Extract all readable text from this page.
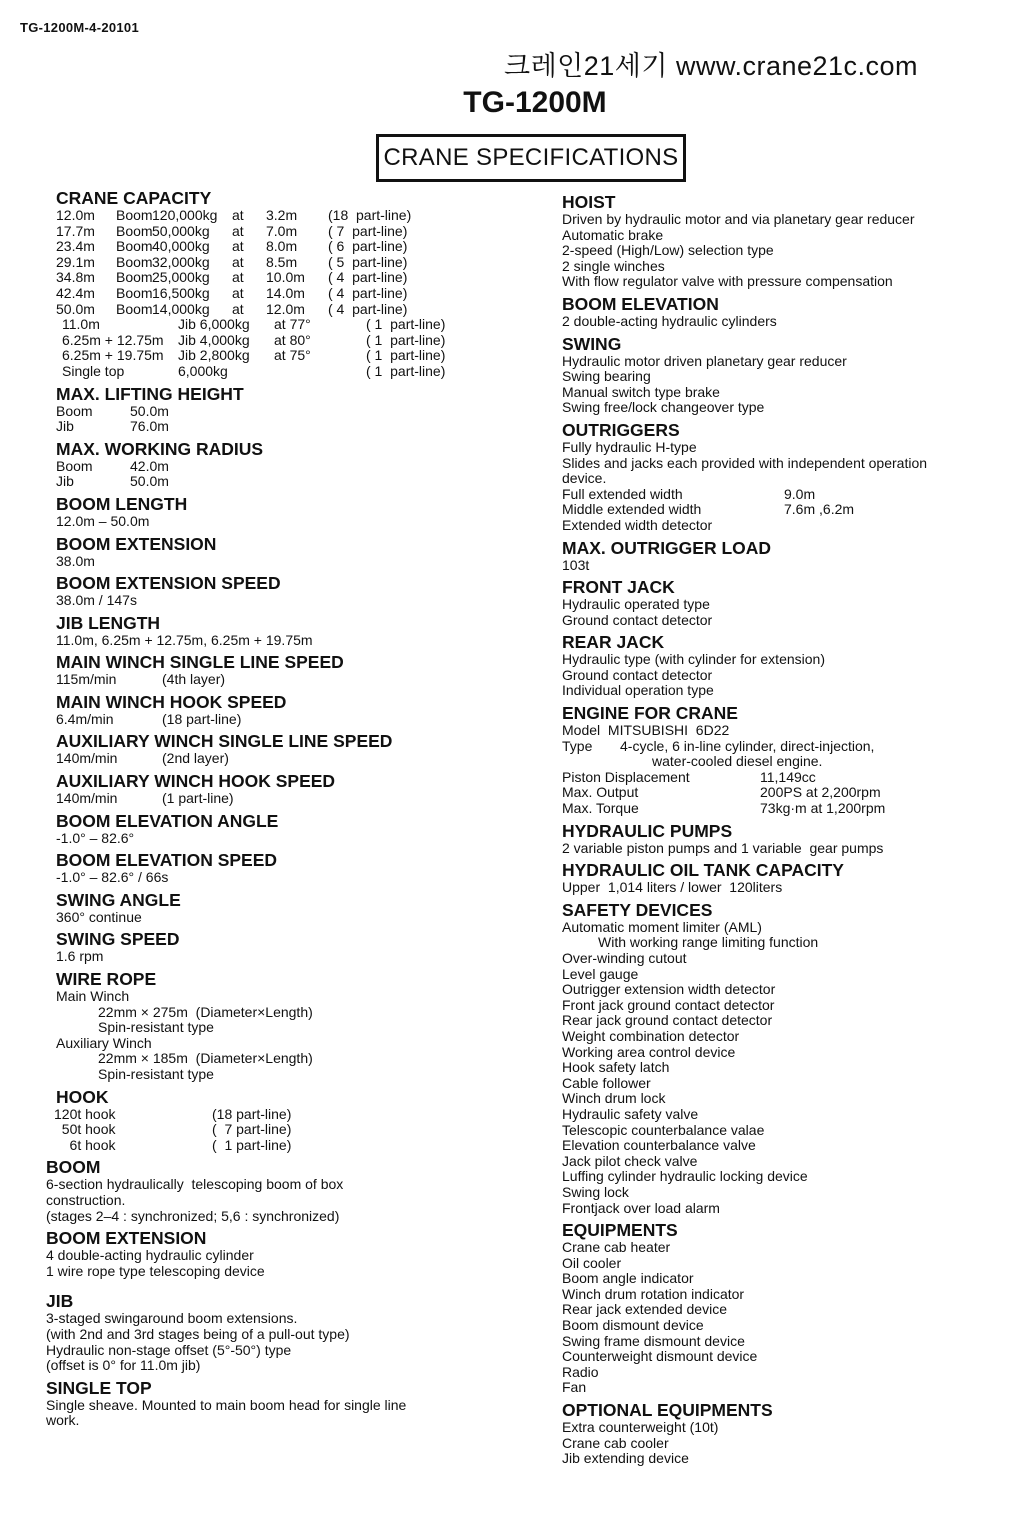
TG-1200M-4-20101
크레인21세기 www.crane21c.com
TG-1200M
CRANE SPECIFICATIONS
CRANE CAPACITY
12.0m	Boom 120,000kg	at	3.2m	(18  part-line)
17.7m	Boom 50,000kg	at	7.0m	( 7  part-line)
23.4m	Boom 40,000kg	at	8.0m	( 6  part-line)
29.1m	Boom 32,000kg	at	8.5m	( 5  part-line)
34.8m	Boom 25,000kg	at	10.0m	( 4  part-line)
42.4m	Boom 16,500kg	at	14.0m	( 4  part-line)
50.0m	Boom 14,000kg	at	12.0m	( 4  part-line)
11.0m	Jib 6,000kg	at 77°	( 1  part-line)
6.25m + 12.75m	Jib 4,000kg	at 80°	( 1  part-line)
6.25m + 19.75m	Jib 2,800kg	at 75°	( 1  part-line)
Single top	6,000kg	( 1  part-line)
MAX. LIFTING HEIGHT
Boom	50.0m
Jib	76.0m
MAX. WORKING RADIUS
Boom	42.0m
Jib	50.0m
BOOM LENGTH
12.0m – 50.0m
BOOM EXTENSION
38.0m
BOOM EXTENSION SPEED
38.0m / 147s
JIB LENGTH
11.0m, 6.25m + 12.75m, 6.25m + 19.75m
MAIN WINCH SINGLE LINE SPEED
115m/min	(4th layer)
MAIN WINCH HOOK SPEED
6.4m/min	(18 part-line)
AUXILIARY WINCH SINGLE LINE SPEED
140m/min	(2nd layer)
AUXILIARY WINCH HOOK SPEED
140m/min	(1 part-line)
BOOM ELEVATION ANGLE
-1.0° – 82.6°
BOOM ELEVATION SPEED
-1.0° – 82.6° / 66s
SWING ANGLE
360° continue
SWING SPEED
1.6 rpm
WIRE ROPE
Main Winch
22mm × 275m  (Diameter×Length)
Spin-resistant type
Auxiliary Winch
22mm × 185m  (Diameter×Length)
Spin-resistant type
HOOK
120t hook	(18 part-line)
50t hook	(  7 part-line)
6t hook	(  1 part-line)
BOOM
6-section hydraulically  telescoping boom of box
construction.
(stages 2–4 : synchronized; 5,6 : synchronized)
BOOM EXTENSION
4 double-acting hydraulic cylinder
1 wire rope type telescoping device
JIB
3-staged swingaround boom extensions.
(with 2nd and 3rd stages being of a pull-out type)
Hydraulic non-stage offset (5°-50°) type
(offset is 0° for 11.0m jib)
SINGLE TOP
Single sheave. Mounted to main boom head for single line
work.
HOIST
Driven by hydraulic motor and via planetary gear reducer
Automatic brake
2-speed (High/Low) selection type
2 single winches
With flow regulator valve with pressure compensation
BOOM ELEVATION
2 double-acting hydraulic cylinders
SWING
Hydraulic motor driven planetary gear reducer
Swing bearing
Manual switch type brake
Swing free/lock changeover type
OUTRIGGERS
Fully hydraulic H-type
Slides and jacks each provided with independent operation
device.
Full extended width	9.0m
Middle extended width	7.6m ,6.2m
Extended width detector
MAX. OUTRIGGER LOAD
103t
FRONT JACK
Hydraulic operated type
Ground contact detector
REAR JACK
Hydraulic type (with cylinder for extension)
Ground contact detector
Individual operation type
ENGINE FOR CRANE
Model  MITSUBISHI  6D22
Type	4-cycle, 6 in-line cylinder, direct-injection,
water-cooled diesel engine.
Piston Displacement	11,149cc
Max. Output	200PS at 2,200rpm
Max. Torque	73kg·m at 1,200rpm
HYDRAULIC PUMPS
2 variable piston pumps and 1 variable  gear pumps
HYDRAULIC OIL TANK CAPACITY
Upper  1,014 liters / lower  120liters
SAFETY DEVICES
Automatic moment limiter (AML)
With working range limiting function
Over-winding cutout
Level gauge
Outrigger extension width detector
Front jack ground contact detector
Rear jack ground contact detector
Weight combination detector
Working area control device
Hook safety latch
Cable follower
Winch drum lock
Hydraulic safety valve
Telescopic counterbalance valae
Elevation counterbalance valve
Jack pilot check valve
Luffing cylinder hydraulic locking device
Swing lock
Frontjack over load alarm
EQUIPMENTS
Crane cab heater
Oil cooler
Boom angle indicator
Winch drum rotation indicator
Rear jack extended device
Boom dismount device
Swing frame dismount device
Counterweight dismount device
Radio
Fan
OPTIONAL EQUIPMENTS
Extra counterweight (10t)
Crane cab cooler
Jib extending device
